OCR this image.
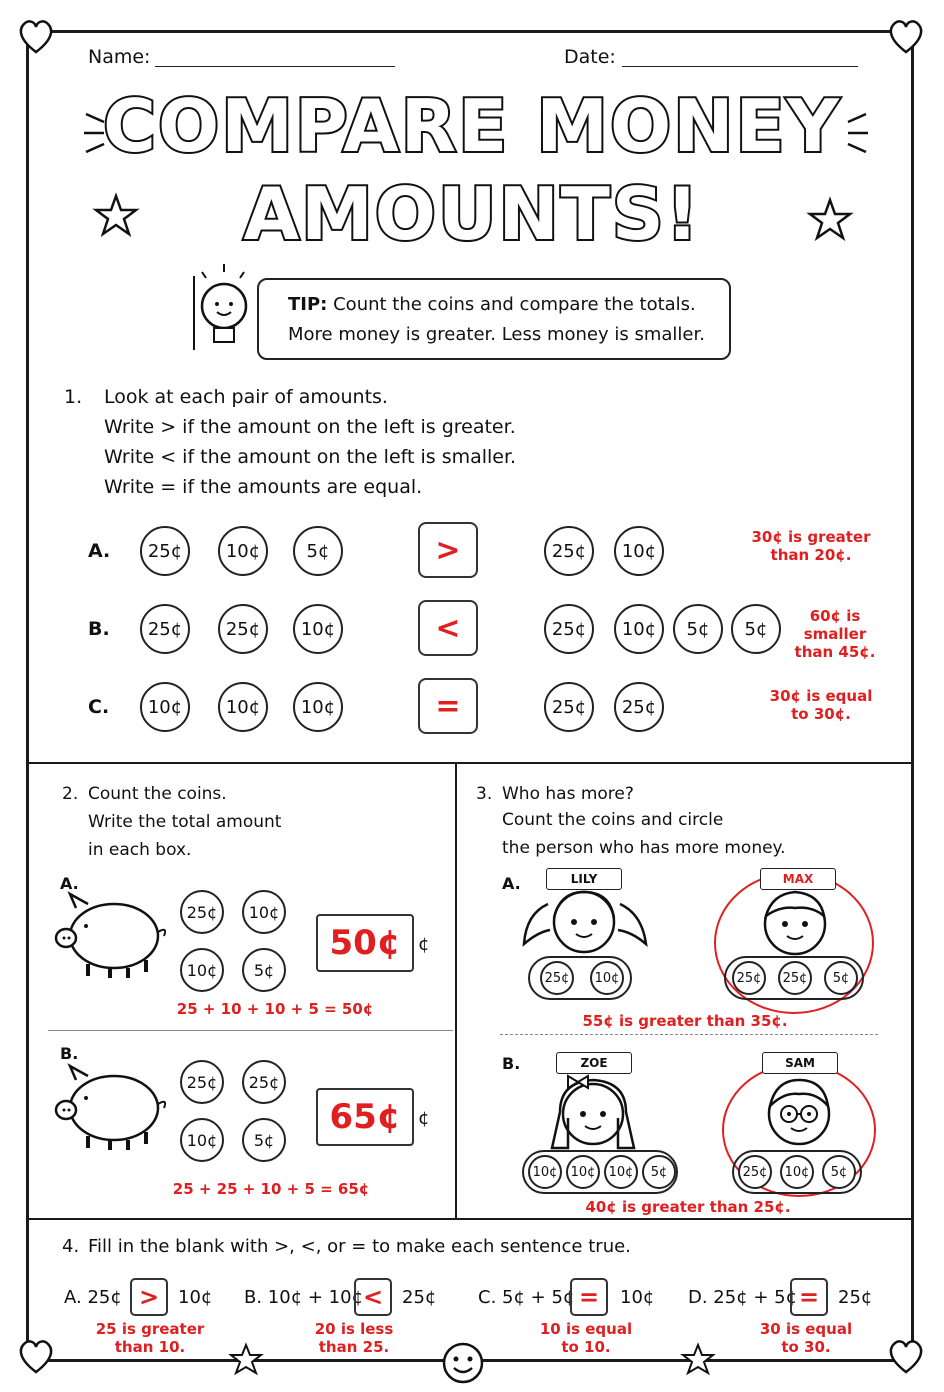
Name:	Date:
COMPARE MONEY
AMOUNTS!
TIP: Count the coins and compare the totals.
More money is greater. Less money is smaller.
1. Look at each pair of amounts.
Write > if the amount on the left is greater.
Write < if the amount on the left is smaller.
Write = if the amounts are equal.
A.	25¢	10¢	5¢	>	25¢	10¢
30¢ is greater
than 20¢.
B.	25¢	25¢	10¢	<	25¢	10¢	5¢	5¢
60¢ is smaller
than 45¢.
C.	10¢	10¢	10¢	=	25¢	25¢
30¢ is equal
to 30¢.
2. Count the coins.
Write the total amount
in each box.
A.
25¢	10¢
10¢	5¢
50¢ ¢
25 + 10 + 10 + 5 = 50¢
B.
25¢	25¢
10¢	5¢
65¢ ¢
25 + 25 + 10 + 5 = 65¢
3. Who has more?
Count the coins and circle
the person who has more money.
A.	LILY
25¢	10¢
MAX
25¢	25¢	5¢
55¢ is greater than 35¢.
B.	ZOE
10¢	10¢	10¢	5¢
SAM
25¢	10¢	5¢
40¢ is greater than 25¢.
4. Fill in the blank with >, <, or = to make each sentence true.
A. 25¢ >	10¢
25 is greater
than 10.
B. 10¢ + 10¢ <	25¢
20 is less
than 25.
C. 5¢ + 5¢ =	10¢
10 is equal
to 10.
D. 25¢ + 5¢ =	25¢
30 is equal
to 30.
